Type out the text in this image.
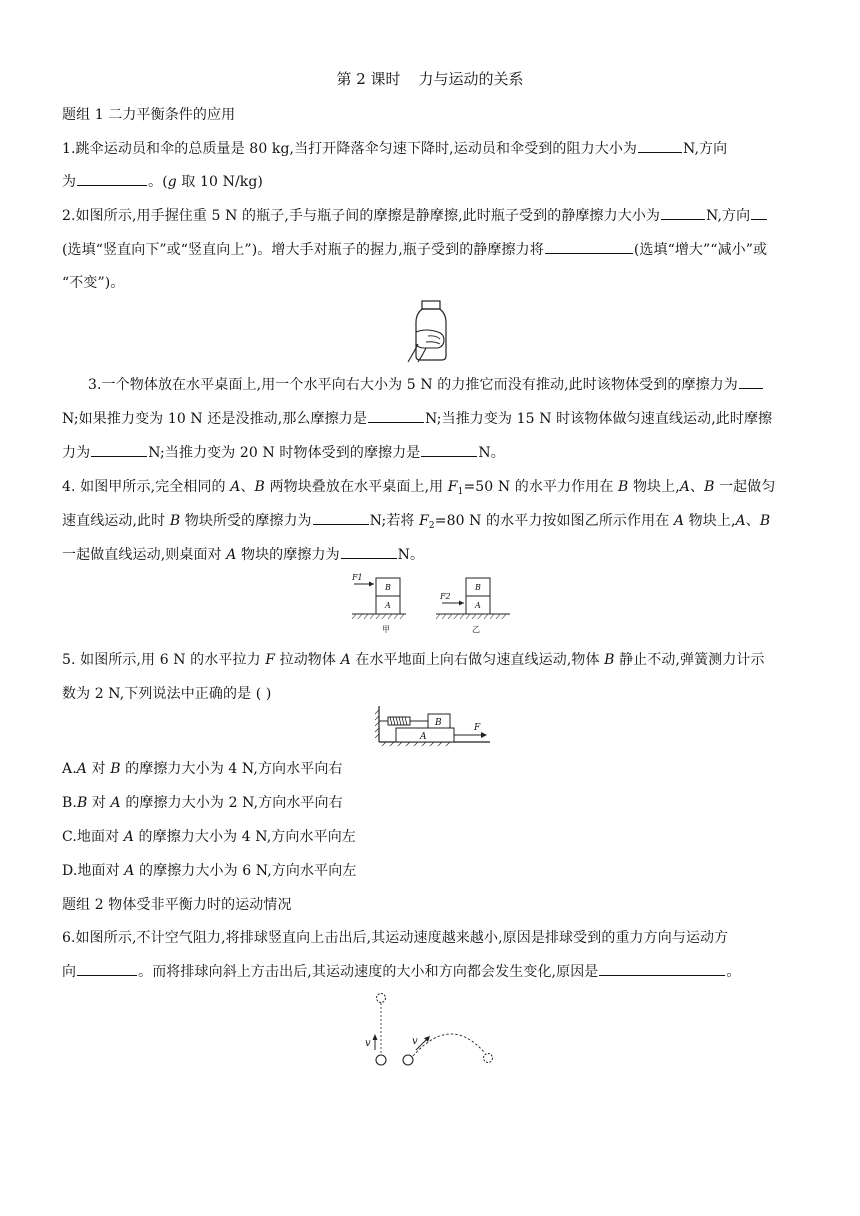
第 2 课时 力与运动的关系
题组 1 二力平衡条件的应用
1.跳伞运动员和伞的总质量是 80 kg,当打开降落伞匀速下降时,运动员和伞受到的阻力大小为	N,方向
为	。(g 取 10 N/kg)
2.如图所示,用手握住重 5 N 的瓶子,手与瓶子间的摩擦是静摩擦,此时瓶子受到的静摩擦力大小为	N,方向
(选填“竖直向下”或“竖直向上”)。增大手对瓶子的握力,瓶子受到的静摩擦力将	(选填“增大”“减小”或
“不变”)。
3.一个物体放在水平桌面上,用一个水平向右大小为 5 N 的力推它而没有推动,此时该物体受到的摩擦力为
N;如果推力变为 10 N 还是没推动,那么摩擦力是	N;当推力变为 15 N 时该物体做匀速直线运动,此时摩擦
力为	N;当推力变为 20 N 时物体受到的摩擦力是	N。
4. 如图甲所示,完全相同的 A、B 两物块叠放在水平桌面上,用 $F_1=50$ N 的水平力作用在 B 物块上,A、B 一起做匀
速直线运动,此时 B 物块所受的摩擦力为	N;若将 $F_2=80$ N 的水平力按如图乙所示作用在 A 物块上,A、B
一起做直线运动,则桌面对 A 物块的摩擦力为	N。
A
B
F1
甲
A
B
F2
乙
5. 如图所示,用 6 N 的水平拉力 F 拉动物体 A 在水平地面上向右做匀速直线运动,物体 B 静止不动,弹簧测力计示
数为 2 N,下列说法中正确的是 ( )
A
B	F
A.A 对 B 的摩擦力大小为 4 N,方向水平向右
B.B 对 A 的摩擦力大小为 2 N,方向水平向右
C.地面对 A 的摩擦力大小为 4 N,方向水平向左
D.地面对 A 的摩擦力大小为 6 N,方向水平向左
题组 2 物体受非平衡力时的运动情况
6.如图所示,不计空气阻力,将排球竖直向上击出后,其运动速度越来越小,原因是排球受到的重力方向与运动方
向	。而将排球向斜上方击出后,其运动速度的大小和方向都会发生变化,原因是	。
v	v
